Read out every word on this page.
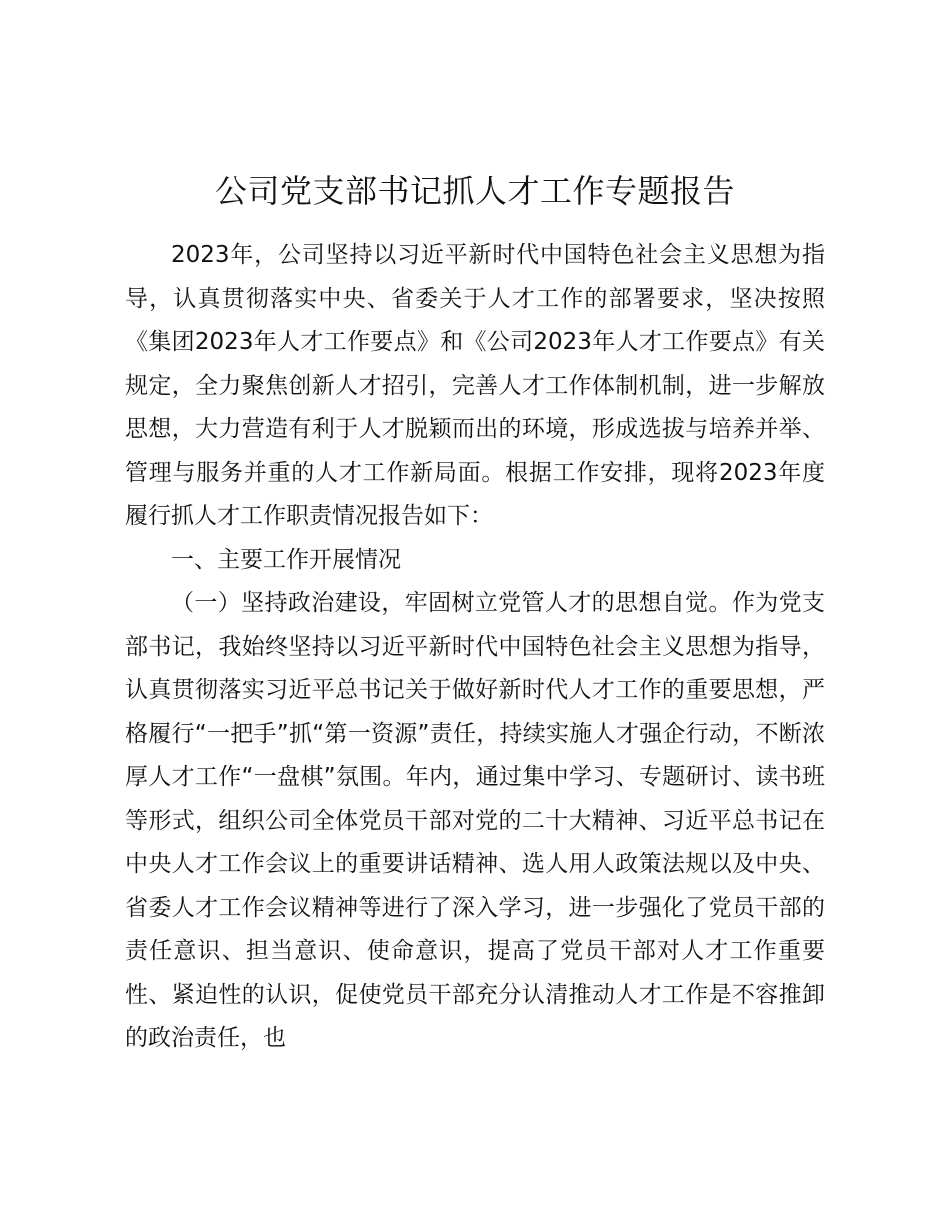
公司党支部书记抓人才工作专题报告

2023年，公司坚持以习近平新时代中国特色社会主义思想为指导，认真贯彻落实中央、省委关于人才工作的部署要求，坚决按照《集团2023年人才工作要点》和《公司2023年人才工作要点》有关规定，全力聚焦创新人才招引，完善人才工作体制机制，进一步解放思想，大力营造有利于人才脱颖而出的环境，形成选拔与培养并举、管理与服务并重的人才工作新局面。根据工作安排，现将2023年度履行抓人才工作职责情况报告如下：

一、主要工作开展情况

（一）坚持政治建设，牢固树立党管人才的思想自觉。作为党支部书记，我始终坚持以习近平新时代中国特色社会主义思想为指导，认真贯彻落实习近平总书记关于做好新时代人才工作的重要思想，严格履行“一把手”抓“第一资源”责任，持续实施人才强企行动，不断浓厚人才工作“一盘棋”氛围。年内，通过集中学习、专题研讨、读书班等形式，组织公司全体党员干部对党的二十大精神、习近平总书记在中央人才工作会议上的重要讲话精神、选人用人政策法规以及中央、省委人才工作会议精神等进行了深入学习，进一步强化了党员干部的责任意识、担当意识、使命意识，提高了党员干部对人才工作重要性、紧迫性的认识，促使党员干部充分认清推动人才工作是不容推卸的政治责任，也
